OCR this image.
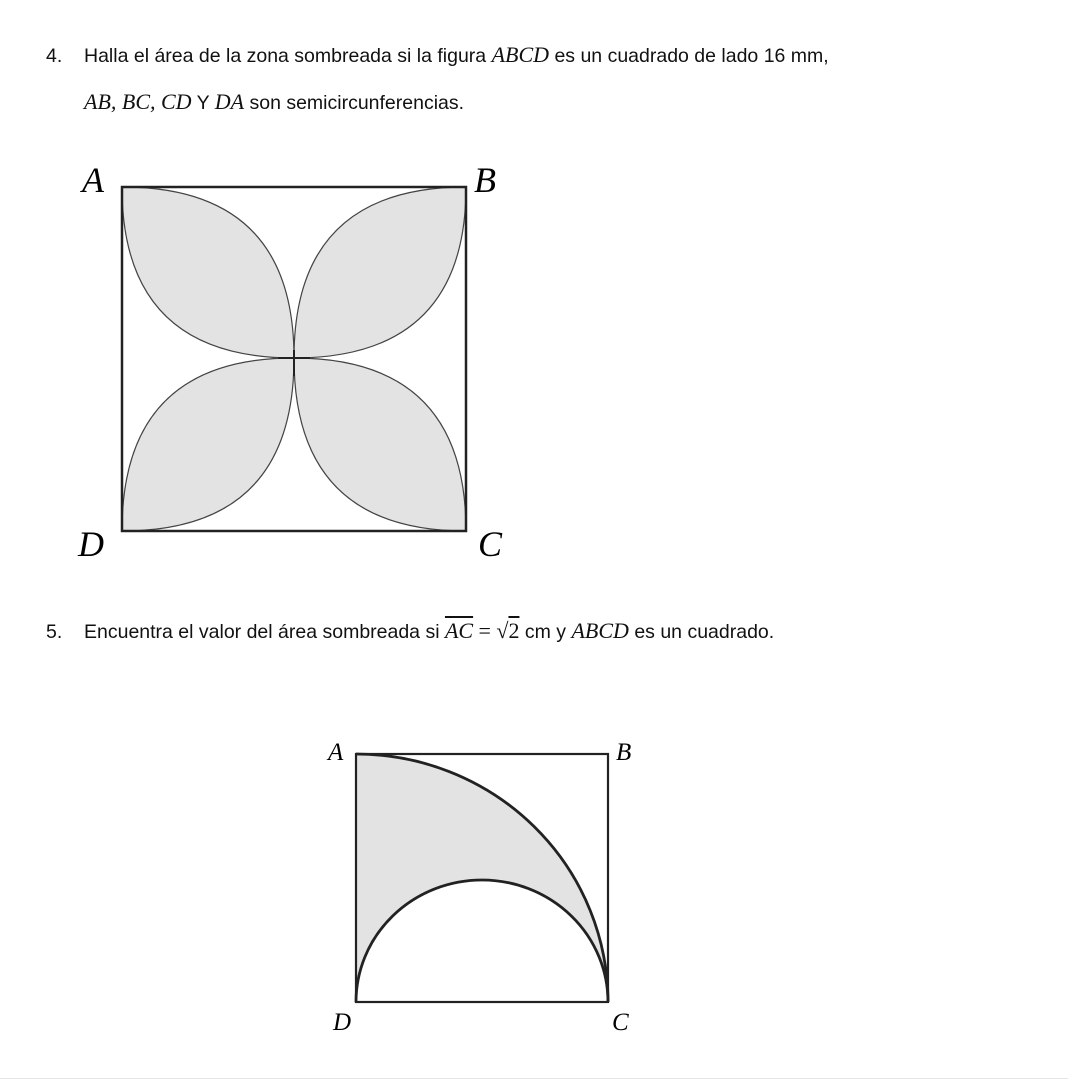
4. Halla el área de la zona sombreada si la figura ABCD es un cuadrado de lado 16 mm,
AB, BC, CD Y DA son semicircunferencias.
A	B
D	C
5. Encuentra el valor del área sombreada si $\overline{AC} = √2$ cm y ABCD es un cuadrado.
A	B
D	C
